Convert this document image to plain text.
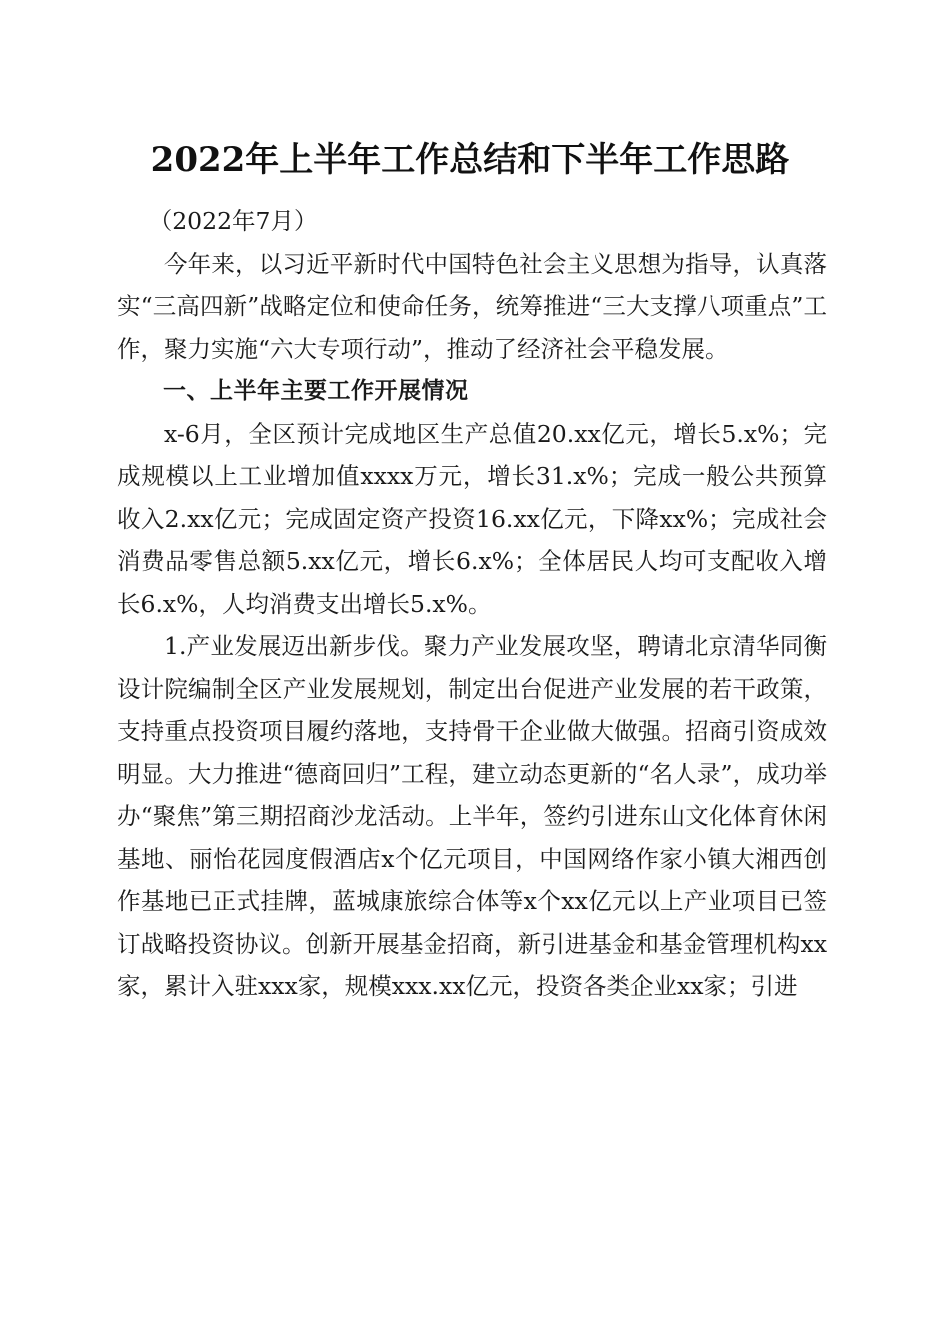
2022年上半年工作总结和下半年工作思路

（2022年7月）

今年来，以习近平新时代中国特色社会主义思想为指导，认真落实“三高四新”战略定位和使命任务，统筹推进“三大支撑八项重点”工作，聚力实施“六大专项行动”，推动了经济社会平稳发展。

一、上半年主要工作开展情况

x-6月，全区预计完成地区生产总值20.xx亿元，增长5.x%；完成规模以上工业增加值xxxx万元，增长31.x%；完成一般公共预算收入2.xx亿元；完成固定资产投资16.xx亿元，下降xx%；完成社会消费品零售总额5.xx亿元，增长6.x%；全体居民人均可支配收入增长6.x%，人均消费支出增长5.x%。

1.产业发展迈出新步伐。聚力产业发展攻坚，聘请北京清华同衡设计院编制全区产业发展规划，制定出台促进产业发展的若干政策，支持重点投资项目履约落地，支持骨干企业做大做强。招商引资成效明显。大力推进“德商回归”工程，建立动态更新的“名人录”，成功举办“聚焦”第三期招商沙龙活动。上半年，签约引进东山文化体育休闲基地、丽怡花园度假酒店x个亿元项目，中国网络作家小镇大湘西创作基地已正式挂牌，蓝城康旅综合体等x个xx亿元以上产业项目已签订战略投资协议。创新开展基金招商，新引进基金和基金管理机构xx家，累计入驻xxx家，规模xxx.xx亿元，投资各类企业xx家；引进
